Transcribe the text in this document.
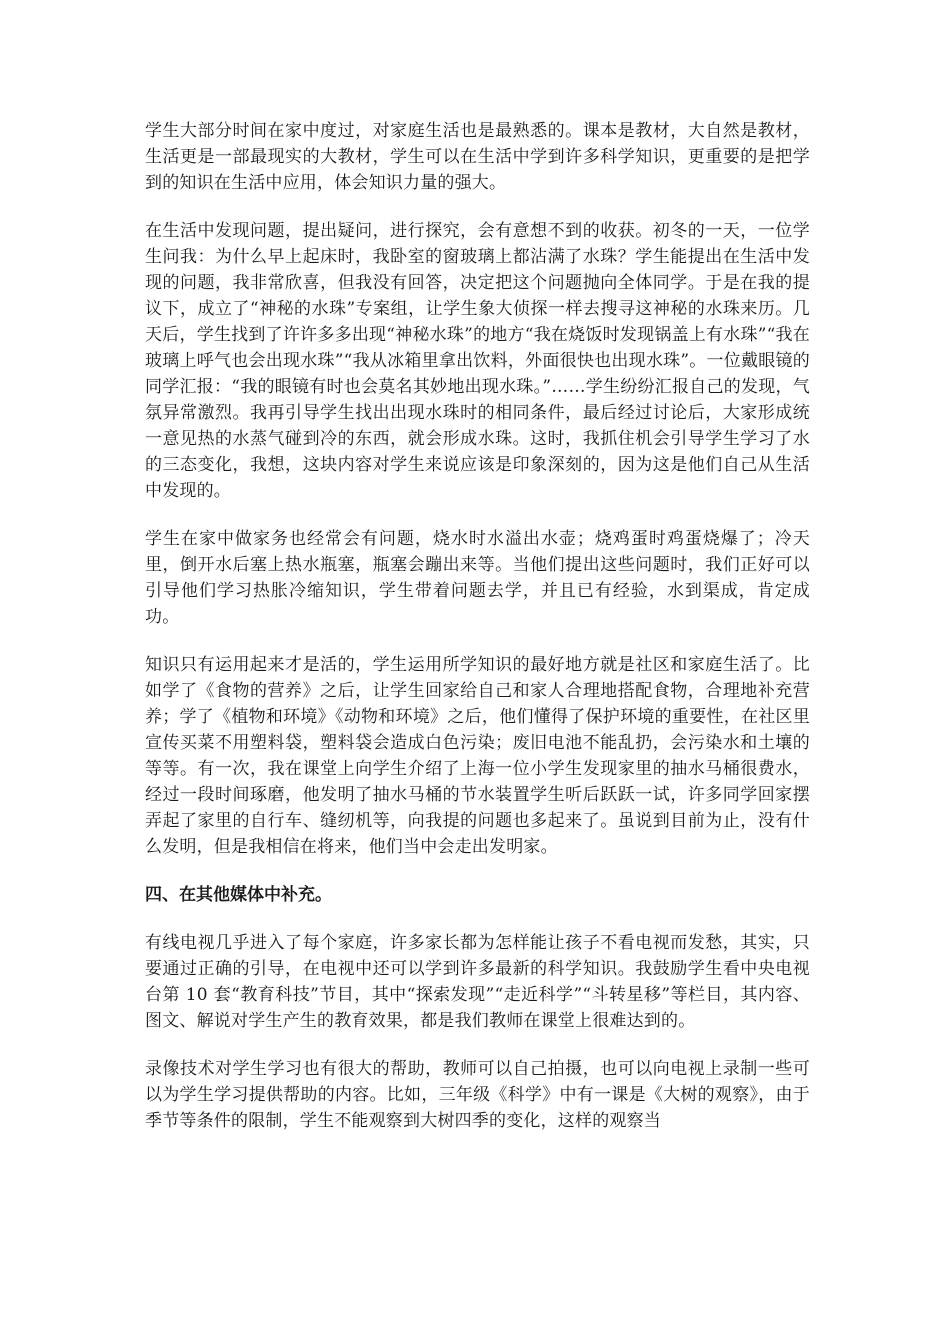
学生大部分时间在家中度过，对家庭生活也是最熟悉的。课本是教材，大自然是教材，生活更是一部最现实的大教材，学生可以在生活中学到许多科学知识，更重要的是把学到的知识在生活中应用，体会知识力量的强大。

在生活中发现问题，提出疑问，进行探究，会有意想不到的收获。初冬的一天，一位学生问我：为什么早上起床时，我卧室的窗玻璃上都沾满了水珠？学生能提出在生活中发现的问题，我非常欣喜，但我没有回答，决定把这个问题抛向全体同学。于是在我的提议下，成立了“神秘的水珠”专案组，让学生象大侦探一样去搜寻这神秘的水珠来历。几天后，学生找到了许许多多出现“神秘水珠”的地方“我在烧饭时发现锅盖上有水珠”“我在玻璃上呼气也会出现水珠”“我从冰箱里拿出饮料，外面很快也出现水珠”。一位戴眼镜的同学汇报：“我的眼镜有时也会莫名其妙地出现水珠。”……学生纷纷汇报自己的发现，气氛异常激烈。我再引导学生找出出现水珠时的相同条件，最后经过讨论后，大家形成统一意见热的水蒸气碰到冷的东西，就会形成水珠。这时，我抓住机会引导学生学习了水的三态变化，我想，这块内容对学生来说应该是印象深刻的，因为这是他们自己从生活中发现的。

学生在家中做家务也经常会有问题，烧水时水溢出水壶；烧鸡蛋时鸡蛋烧爆了；冷天里，倒开水后塞上热水瓶塞，瓶塞会蹦出来等。当他们提出这些问题时，我们正好可以引导他们学习热胀冷缩知识，学生带着问题去学，并且已有经验，水到渠成，肯定成功。

知识只有运用起来才是活的，学生运用所学知识的最好地方就是社区和家庭生活了。比如学了《食物的营养》之后，让学生回家给自己和家人合理地搭配食物，合理地补充营养；学了《植物和环境》《动物和环境》之后，他们懂得了保护环境的重要性，在社区里宣传买菜不用塑料袋，塑料袋会造成白色污染；废旧电池不能乱扔，会污染水和土壤的等等。有一次，我在课堂上向学生介绍了上海一位小学生发现家里的抽水马桶很费水，经过一段时间琢磨，他发明了抽水马桶的节水装置学生听后跃跃一试，许多同学回家摆弄起了家里的自行车、缝纫机等，向我提的问题也多起来了。虽说到目前为止，没有什么发明，但是我相信在将来，他们当中会走出发明家。

四、在其他媒体中补充。

有线电视几乎进入了每个家庭，许多家长都为怎样能让孩子不看电视而发愁，其实，只要通过正确的引导，在电视中还可以学到许多最新的科学知识。我鼓励学生看中央电视台第 10 套“教育科技”节目，其中“探索发现”“走近科学”“斗转星移”等栏目，其内容、图文、解说对学生产生的教育效果，都是我们教师在课堂上很难达到的。

录像技术对学生学习也有很大的帮助，教师可以自己拍摄，也可以向电视上录制一些可以为学生学习提供帮助的内容。比如，三年级《科学》中有一课是《大树的观察》，由于季节等条件的限制，学生不能观察到大树四季的变化，这样的观察当
